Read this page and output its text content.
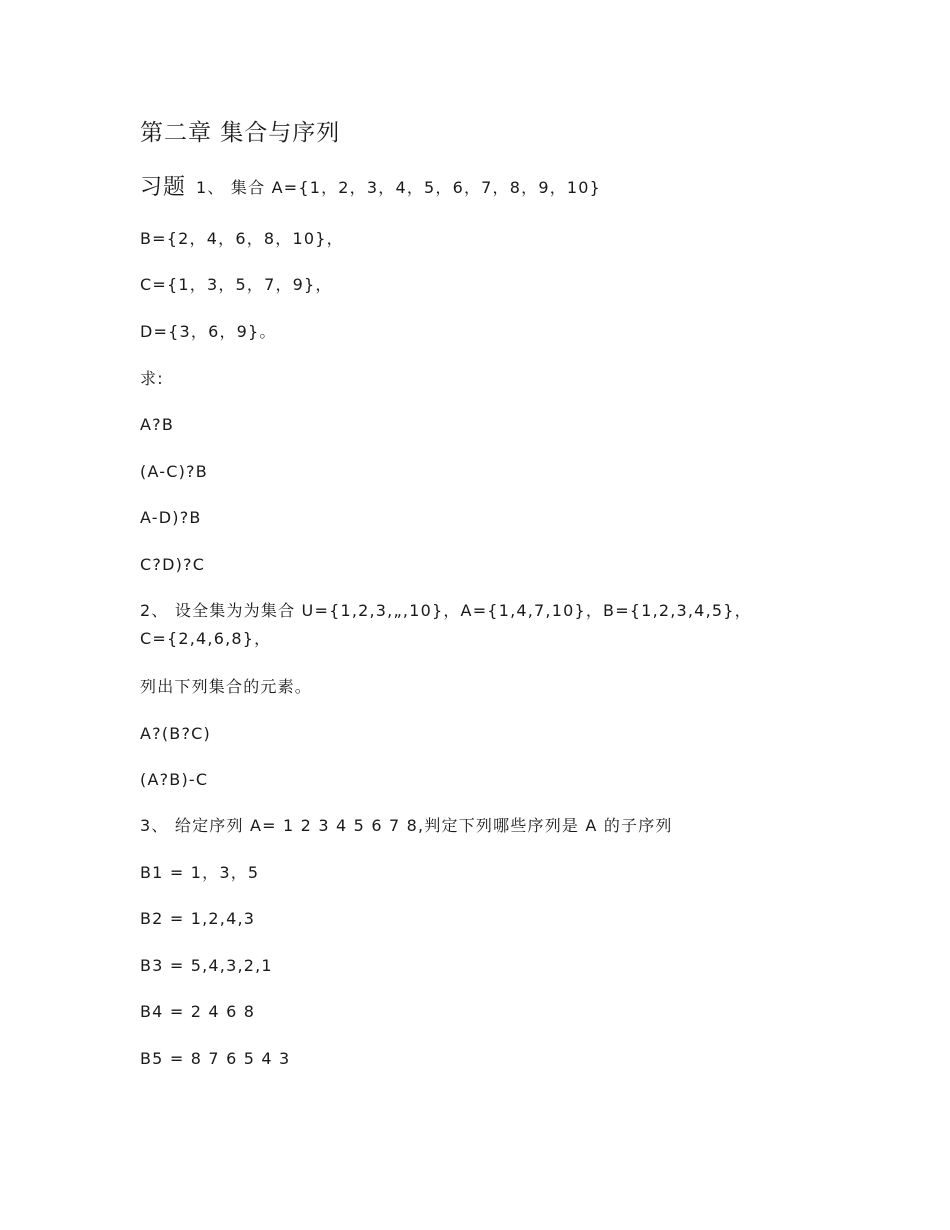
第二章 集合与序列
习题 1、 集合 A={1，2，3，4，5，6，7，8，9，10}
B={2，4，6，8，10}，
C={1，3，5，7，9}，
D={3，6，9}。
求:
A?B
(A-C)?B
A-D)?B
C?D)?C
2、 设全集为为集合 U={1,2,3,„,10}，A={1,4,7,10}，B={1,2,3,4,5}，
C={2,4,6,8}，
列出下列集合的元素。
A?(B?C)
(A?B)-C
3、 给定序列 A= 1 2 3 4 5 6 7 8,判定下列哪些序列是 A 的子序列
B1 = 1，3，5
B2 = 1,2,4,3
B3 = 5,4,3,2,1
B4 = 2 4 6 8
B5 = 8 7 6 5 4 3
